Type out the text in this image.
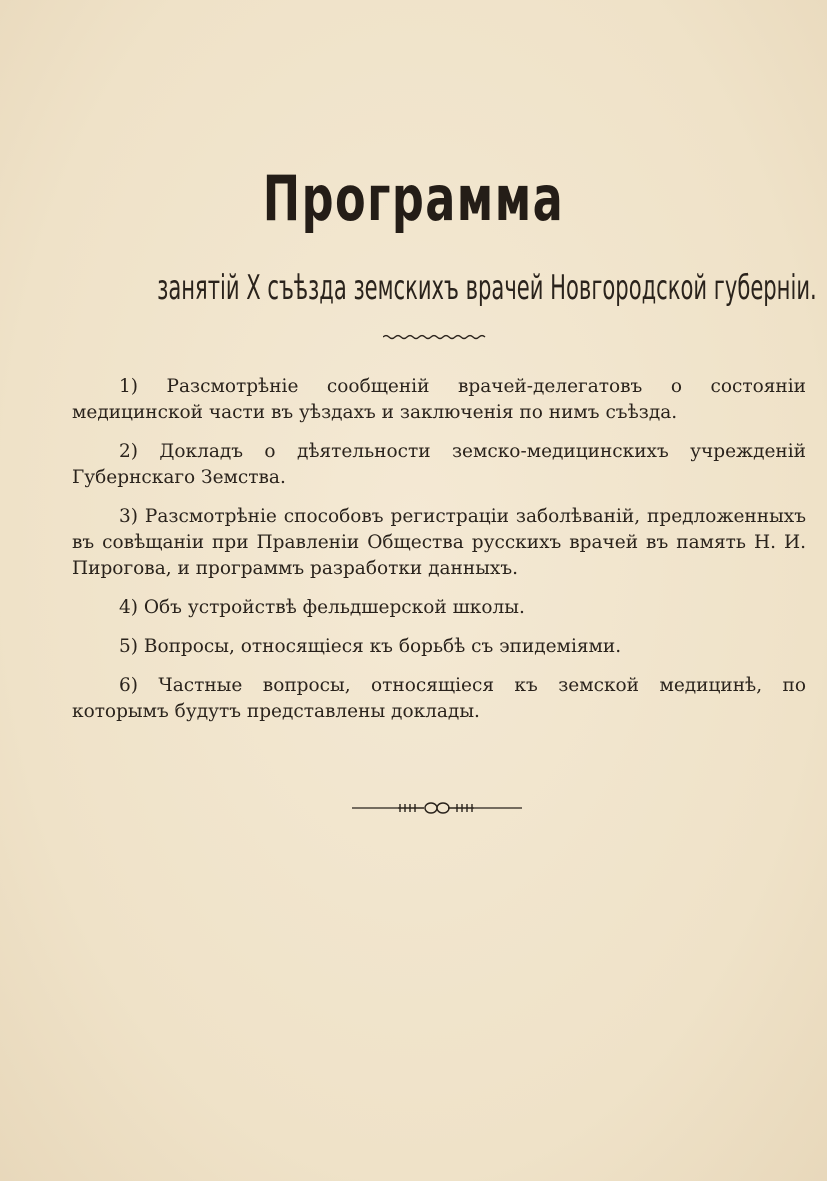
Программа
занятій X съѣзда земскихъ врачей Новгородской губерніи.

1) Разсмотрѣніе сообщеній врачей-делегатовъ о состояніи медицинской части въ уѣздахъ и заключенія по нимъ съѣзда.

2) Докладъ о дѣятельности земско-медицинскихъ учрежденій Губернскаго Земства.

3) Разсмотрѣніе способовъ регистраціи заболѣваній, предложенныхъ въ совѣщаніи при Правленіи Общества русскихъ врачей въ память Н. И. Пирогова, и программъ разработки данныхъ.

4) Объ устройствѣ фельдшерской школы.

5) Вопросы, относящіеся къ борьбѣ съ эпидеміями.

6) Частные вопросы, относящіеся къ земской медицинѣ, по которымъ будутъ представлены доклады.
